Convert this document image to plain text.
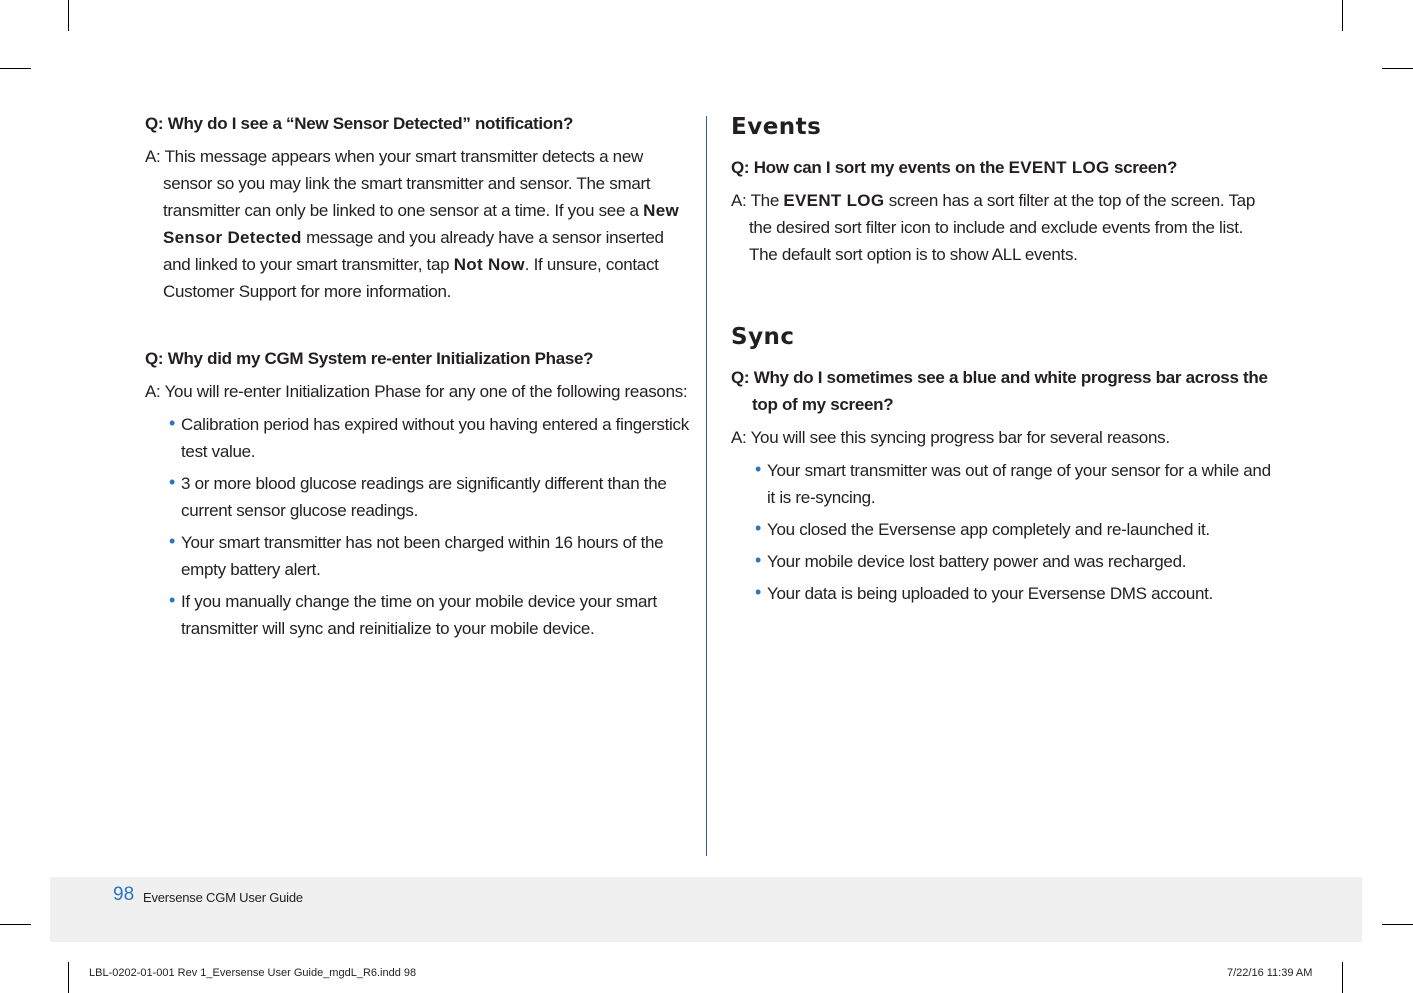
Q: Why do I see a “New Sensor Detected” notification?

A: This message appears when your smart transmitter detects a new sensor so you may link the smart transmitter and sensor. The smart transmitter can only be linked to one sensor at a time. If you see a New Sensor Detected message and you already have a sensor inserted and linked to your smart transmitter, tap Not Now. If unsure, contact Customer Support for more information.

Q: Why did my CGM System re-enter Initialization Phase?

A: You will re-enter Initialization Phase for any one of the following reasons:

• Calibration period has expired without you having entered a fingerstick test value.
• 3 or more blood glucose readings are significantly different than the current sensor glucose readings.
• Your smart transmitter has not been charged within 16 hours of the empty battery alert.
• If you manually change the time on your mobile device your smart transmitter will sync and reinitialize to your mobile device.
Events

Q: How can I sort my events on the EVENT LOG screen?

A: The EVENT LOG screen has a sort filter at the top of the screen. Tap the desired sort filter icon to include and exclude events from the list. The default sort option is to show ALL events.

Sync

Q: Why do I sometimes see a blue and white progress bar across the top of my screen?

A: You will see this syncing progress bar for several reasons.

• Your smart transmitter was out of range of your sensor for a while and it is re-syncing.
• You closed the Eversense app completely and re-launched it.
• Your mobile device lost battery power and was recharged.
• Your data is being uploaded to your Eversense DMS account.
98 Eversense CGM User Guide
LBL-0202-01-001 Rev 1_Eversense User Guide_mgdL_R6.indd 98	7/22/16 11:39 AM
